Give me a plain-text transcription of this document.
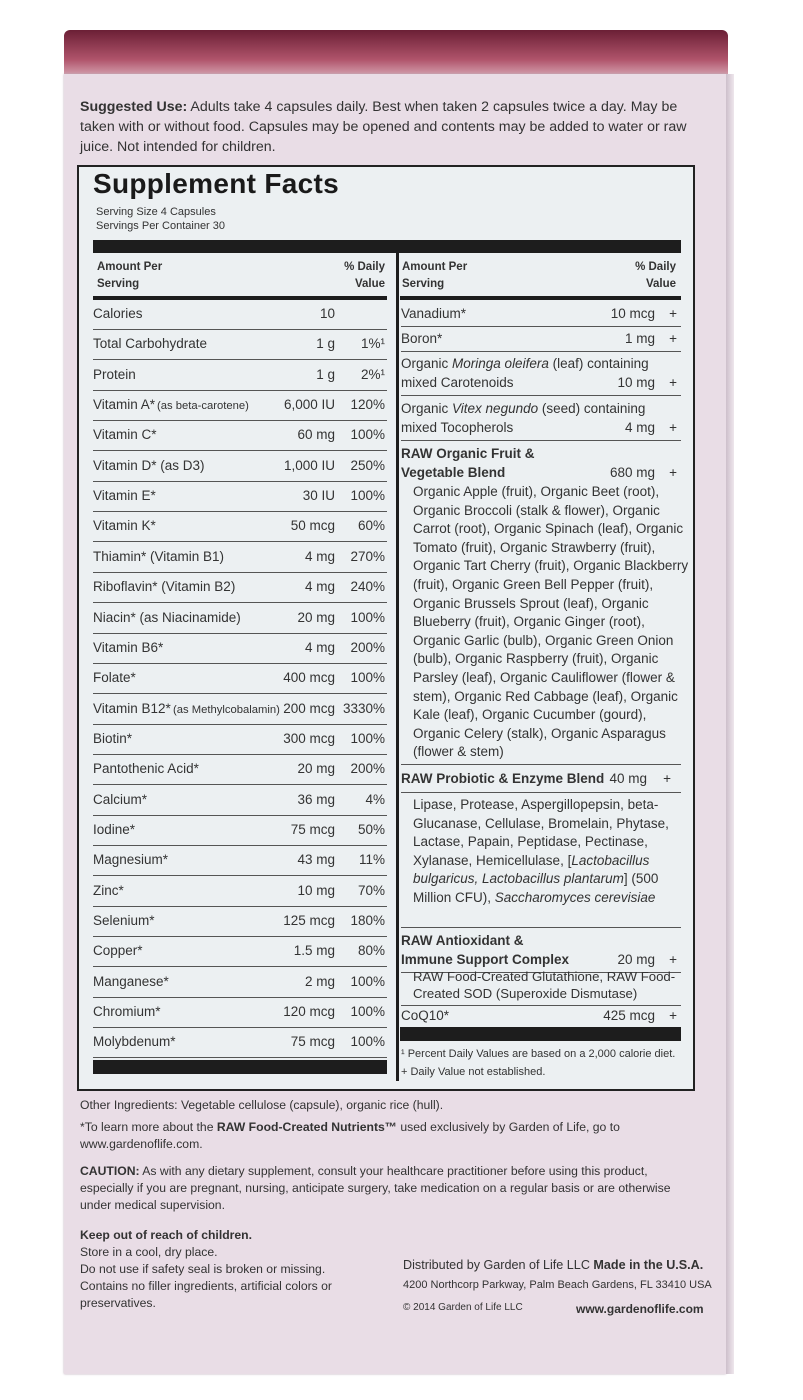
Suggested Use: Adults take 4 capsules daily. Best when taken 2 capsules twice a day. May be taken with or without food. Capsules may be opened and contents may be added to water or raw juice. Not intended for children.
Supplement Facts
Serving Size 4 Capsules
Servings Per Container 30
Amount Per
Serving
% Daily
Value
Amount Per
Serving
% Daily
Value
Calories	10
Total Carbohydrate	1 g 1%¹
Protein	1 g 2%¹
Vitamin A* (as beta-carotene)	6,000 IU 120%
Vitamin C*	60 mg 100%
Vitamin D* (as D3)	1,000 IU 250%
Vitamin E*	30 IU 100%
Vitamin K*	50 mcg 60%
Thiamin* (Vitamin B1)	4 mg 270%
Riboflavin* (Vitamin B2)	4 mg 240%
Niacin* (as Niacinamide)	20 mg 100%
Vitamin B6*	4 mg 200%
Folate*	400 mcg 100%
Vitamin B12* (as Methylcobalamin) 200 mcg 3330%
Biotin*	300 mcg 100%
Pantothenic Acid*	20 mg 200%
Calcium*	36 mg 4%
Iodine*	75 mcg 50%
Magnesium*	43 mg 11%
Zinc*	10 mg 70%
Selenium*	125 mcg 180%
Copper*	1.5 mg 80%
Manganese*	2 mg 100%
Chromium*	120 mcg 100%
Molybdenum*	75 mcg 100%
Vanadium*	10 mcg +
Boron*	1 mg +
Organic Moringa oleifera (leaf) containing
mixed Carotenoids	10 mg +
Organic Vitex negundo (seed) containing
mixed Tocopherols	4 mg +
RAW Organic Fruit &
Vegetable Blend	680 mg +
Organic Apple (fruit), Organic Beet (root), Organic Broccoli (stalk & flower), Organic Carrot (root), Organic Spinach (leaf), Organic Tomato (fruit), Organic Strawberry (fruit), Organic Tart Cherry (fruit), Organic Blackberry (fruit), Organic Green Bell Pepper (fruit), Organic Brussels Sprout (leaf), Organic Blueberry (fruit), Organic Ginger (root), Organic Garlic (bulb), Organic Green Onion (bulb), Organic Raspberry (fruit), Organic Parsley (leaf), Organic Cauliflower (flower & stem), Organic Red Cabbage (leaf), Organic Kale (leaf), Organic Cucumber (gourd), Organic Celery (stalk), Organic Asparagus (flower & stem)
RAW Probiotic & Enzyme Blend 40 mg +
Lipase, Protease, Aspergillopepsin, beta-Glucanase, Cellulase, Bromelain, Phytase, Lactase, Papain, Peptidase, Pectinase, Xylanase, Hemicellulase, [Lactobacillus bulgaricus, Lactobacillus plantarum] (500 Million CFU), Saccharomyces cerevisiae
RAW Antioxidant &
Immune Support Complex	20 mg +
RAW Food-Created Glutathione, RAW Food-Created SOD (Superoxide Dismutase)
CoQ10*	425 mcg +
¹ Percent Daily Values are based on a 2,000 calorie diet.
+ Daily Value not established.
Other Ingredients: Vegetable cellulose (capsule), organic rice (hull).
*To learn more about the RAW Food-Created Nutrients™ used exclusively by Garden of Life, go to www.gardenoflife.com.
CAUTION: As with any dietary supplement, consult your healthcare practitioner before using this product, especially if you are pregnant, nursing, anticipate surgery, take medication on a regular basis or are otherwise under medical supervision.
Keep out of reach of children.
Store in a cool, dry place.
Do not use if safety seal is broken or missing.
Contains no filler ingredients, artificial colors or preservatives.
Distributed by Garden of Life LLC Made in the U.S.A.
4200 Northcorp Parkway, Palm Beach Gardens, FL 33410 USA
© 2014 Garden of Life LLC	www.gardenoflife.com
